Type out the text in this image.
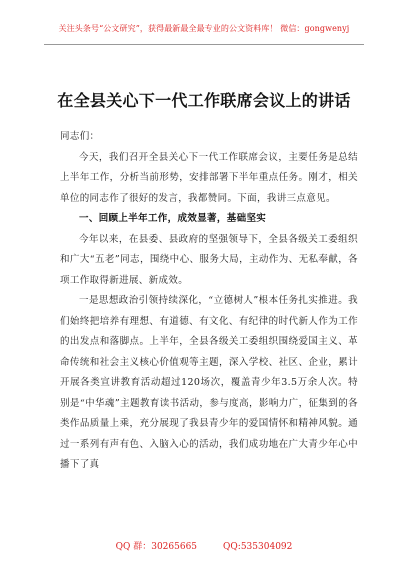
关注头条号“公文研究”，获得最新最全最专业的公文资料库！ 微信：gongwenyj
在全县关心下一代工作联席会议上的讲话

同志们：

今天，我们召开全县关心下一代工作联席会议，主要任务是总结上半年工作，分析当前形势，安排部署下半年重点任务。刚才，相关单位的同志作了很好的发言，我都赞同。下面，我讲三点意见。

一、回顾上半年工作，成效显著，基础坚实

今年以来，在县委、县政府的坚强领导下，全县各级关工委组织和广大“五老”同志，围绕中心、服务大局，主动作为、无私奉献，各项工作取得新进展、新成效。

一是思想政治引领持续深化，“立德树人”根本任务扎实推进。我们始终把培养有理想、有道德、有文化、有纪律的时代新人作为工作的出发点和落脚点。上半年，全县各级关工委组织围绕爱国主义、革命传统和社会主义核心价值观等主题，深入学校、社区、企业，累计开展各类宣讲教育活动超过120场次，覆盖青少年3.5万余人次。特别是“中华魂”主题教育读书活动，参与度高，影响力广，征集到的各类作品质量上乘，充分展现了我县青少年的爱国情怀和精神风貌。通过一系列有声有色、入脑入心的活动，我们成功地在广大青少年心中播下了真

QQ 群：30265665	QQ:535304092
